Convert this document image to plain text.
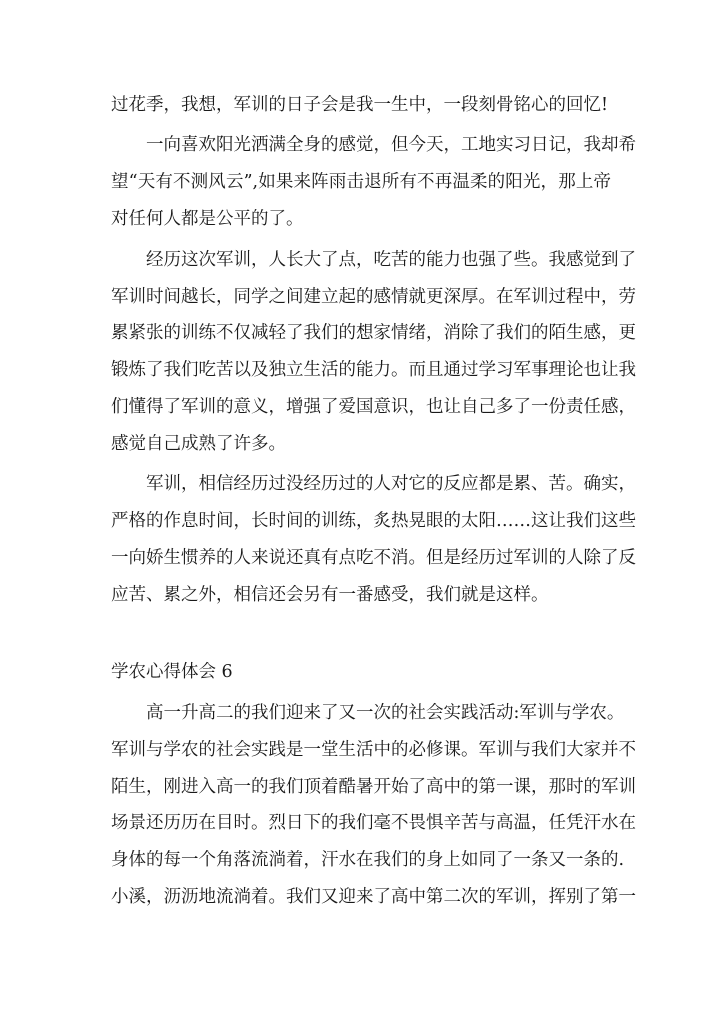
过花季，我想，军训的日子会是我一生中，一段刻骨铭心的回忆!
一向喜欢阳光洒满全身的感觉，但今天，工地实习日记，我却希
望“天有不测风云”,如果来阵雨击退所有不再温柔的阳光，那上帝
对任何人都是公平的了。
经历这次军训，人长大了点，吃苦的能力也强了些。我感觉到了
军训时间越长，同学之间建立起的感情就更深厚。在军训过程中，劳
累紧张的训练不仅减轻了我们的想家情绪，消除了我们的陌生感，更
锻炼了我们吃苦以及独立生活的能力。而且通过学习军事理论也让我
们懂得了军训的意义，增强了爱国意识，也让自己多了一份责任感，
感觉自己成熟了许多。
军训，相信经历过没经历过的人对它的反应都是累、苦。确实，
严格的作息时间，长时间的训练，炙热晃眼的太阳……这让我们这些
一向娇生惯养的人来说还真有点吃不消。但是经历过军训的人除了反
应苦、累之外，相信还会另有一番感受，我们就是这样。
学农心得体会 6
高一升高二的我们迎来了又一次的社会实践活动:军训与学农。
军训与学农的社会实践是一堂生活中的必修课。军训与我们大家并不
陌生，刚进入高一的我们顶着酷暑开始了高中的第一课，那时的军训
场景还历历在目时。烈日下的我们毫不畏惧辛苦与高温，任凭汗水在
身体的每一个角落流淌着，汗水在我们的身上如同了一条又一条的.
小溪，沥沥地流淌着。我们又迎来了高中第二次的军训，挥别了第一
